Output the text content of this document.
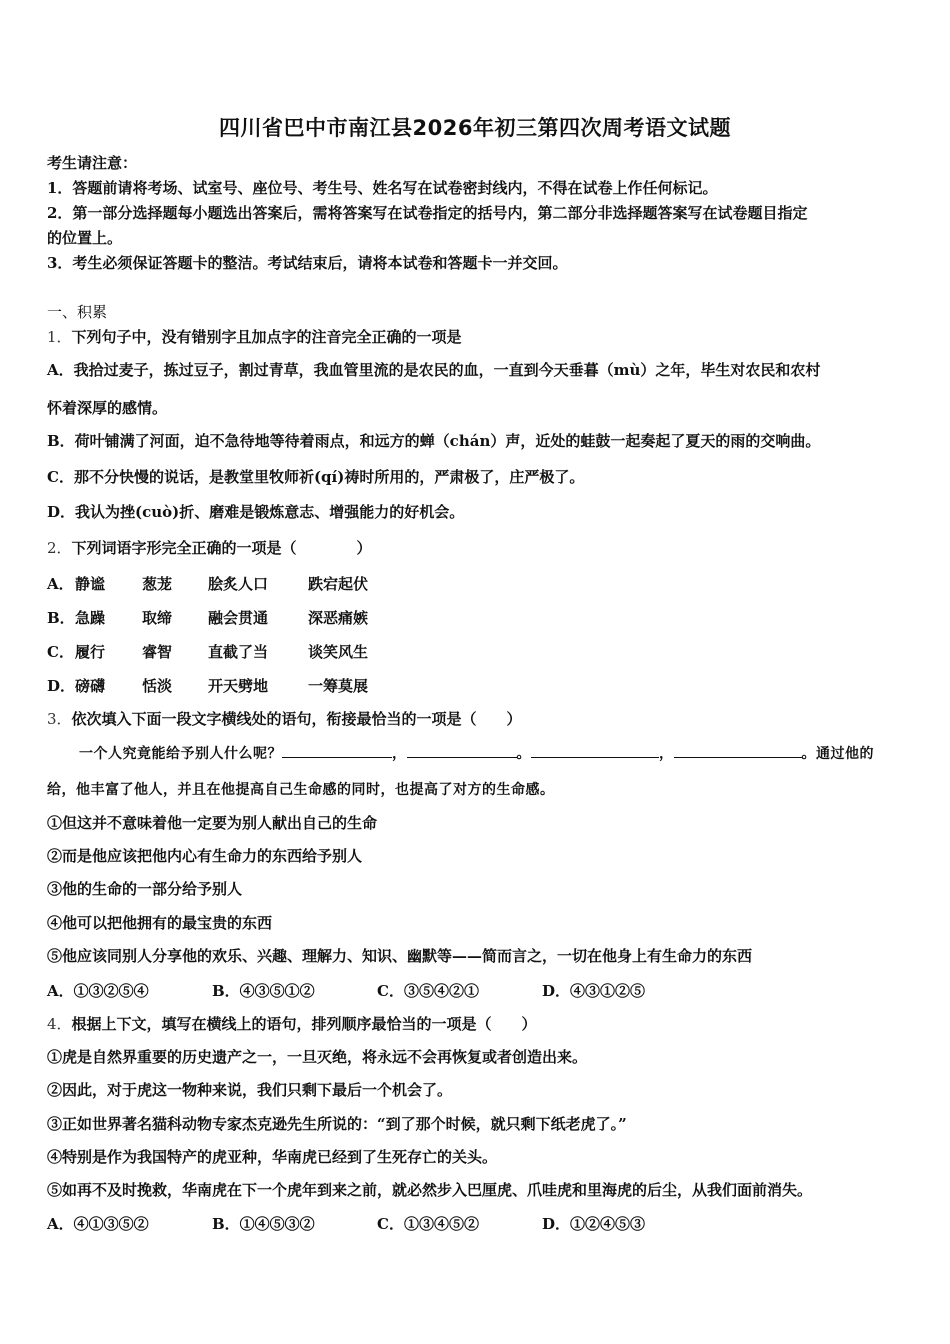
四川省巴中市南江县2026年初三第四次周考语文试题
考生请注意：
1．答题前请将考场、试室号、座位号、考生号、姓名写在试卷密封线内，不得在试卷上作任何标记。
2．第一部分选择题每小题选出答案后，需将答案写在试卷指定的括号内，第二部分非选择题答案写在试卷题目指定
的位置上。
3．考生必须保证答题卡的整洁。考试结束后，请将本试卷和答题卡一并交回。
一、积累
1．下列句子中，没有错别字且加点字的注音完全正确的一项是
A．我拾过麦子，拣过豆子，割过青草，我血管里流的是农民的血，一直到今天垂暮（mù）之年，毕生对农民和农村
怀着深厚的感情。
B．荷叶铺满了河面，迫不急待地等待着雨点，和远方的蝉（chán）声，近处的蛙鼓一起奏起了夏天的雨的交响曲。
C．那不分快慢的说话，是教堂里牧师祈(qí)祷时所用的，严肃极了，庄严极了。
D．我认为挫(cuò)折、磨难是锻炼意志、增强能力的好机会。
2．下列词语字形完全正确的一项是（　　　　）
A． 静谧 葱茏 脍炙人口	跌宕起伏
B． 急躁 取缔 融会贯通	深恶痛嫉
C． 履行 睿智 直截了当	谈笑风生
D． 磅礴 恬淡 开天劈地	一筹莫展
3．依次填入下面一段文字横线处的语句，衔接最恰当的一项是（　　）
一个人究竟能给予别人什么呢？	，	。	，	。通过他的
给，他丰富了他人，并且在他提高自己生命感的同时，也提高了对方的生命感。
①但这并不意味着他一定要为别人献出自己的生命
②而是他应该把他内心有生命力的东西给予别人
③他的生命的一部分给予别人
④他可以把他拥有的最宝贵的东西
⑤他应该同别人分享他的欢乐、兴趣、理解力、知识、幽默等——简而言之，一切在他身上有生命力的东西
A．①③②⑤④	B．④③⑤①②	C．③⑤④②①	D．④③①②⑤
4．根据上下文，填写在横线上的语句，排列顺序最恰当的一项是（　　）
①虎是自然界重要的历史遗产之一，一旦灭绝，将永远不会再恢复或者创造出来。
②因此，对于虎这一物种来说，我们只剩下最后一个机会了。
③正如世界著名猫科动物专家杰克逊先生所说的：“到了那个时候，就只剩下纸老虎了。”
④特别是作为我国特产的虎亚种，华南虎已经到了生死存亡的关头。
⑤如再不及时挽救，华南虎在下一个虎年到来之前，就必然步入巴厘虎、爪哇虎和里海虎的后尘，从我们面前消失。
A．④①③⑤②	B．①④⑤③②	C．①③④⑤②	D．①②④⑤③
